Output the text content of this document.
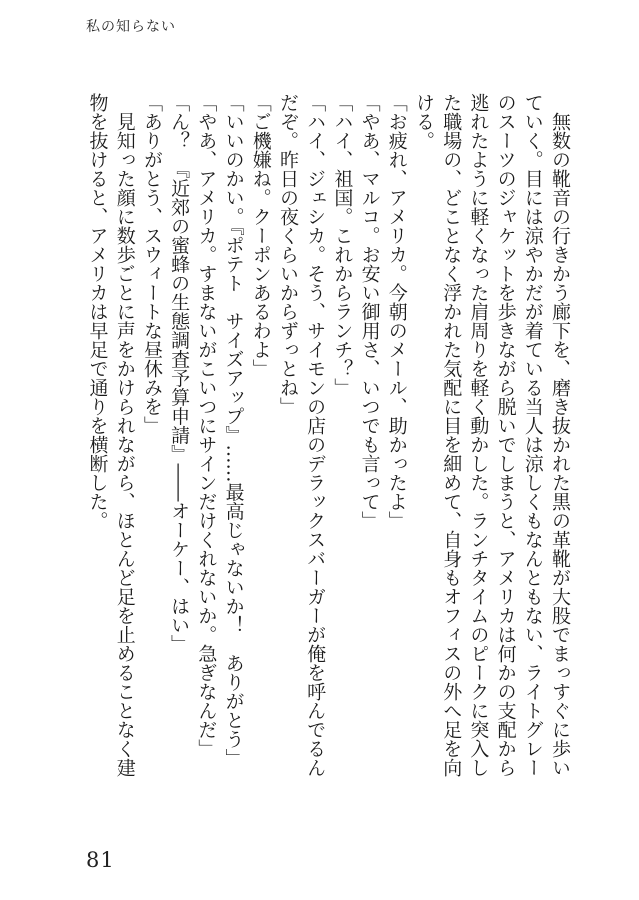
私の知らない

　無数の靴音の行きかう廊下を、磨き抜かれた黒の革靴が大股でまっすぐに歩いていく。目には涼やかだが着ている当人は涼しくもなんともない、ライトグレーのスーツのジャケットを歩きながら脱いでしまうと、アメリカは何かの支配から逃れたように軽くなった肩周りを軽く動かした。ランチタイムのピークに突入した職場の、どことなく浮かれた気配に目を細めて、自身もオフィスの外へ足を向ける。

「お疲れ、アメリカ。今朝のメール、助かったよ」

「やあ、マルコ。お安い御用さ、いつでも言って」

「ハイ、祖国。これからランチ？」

「ハイ、ジェシカ。そう、サイモンの店のデラックスバーガーが俺を呼んでるんだぞ。昨日の夜くらいからずっとね」

「ご機嫌ね。クーポンあるわよ」

「いいのかい。『ポテト　サイズアップ』……最高じゃないか！　ありがとう」

「やあ、アメリカ。すまないがこいつにサインだけくれないか。急ぎなんだ」

「ん？　『近郊の蜜蜂の生態調査予算申請』――オーケー、はい」

「ありがとう、スウィートな昼休みを」

　見知った顔に数歩ごとに声をかけられながら、ほとんど足を止めることなく建物を抜けると、アメリカは早足で通りを横断した。

81
